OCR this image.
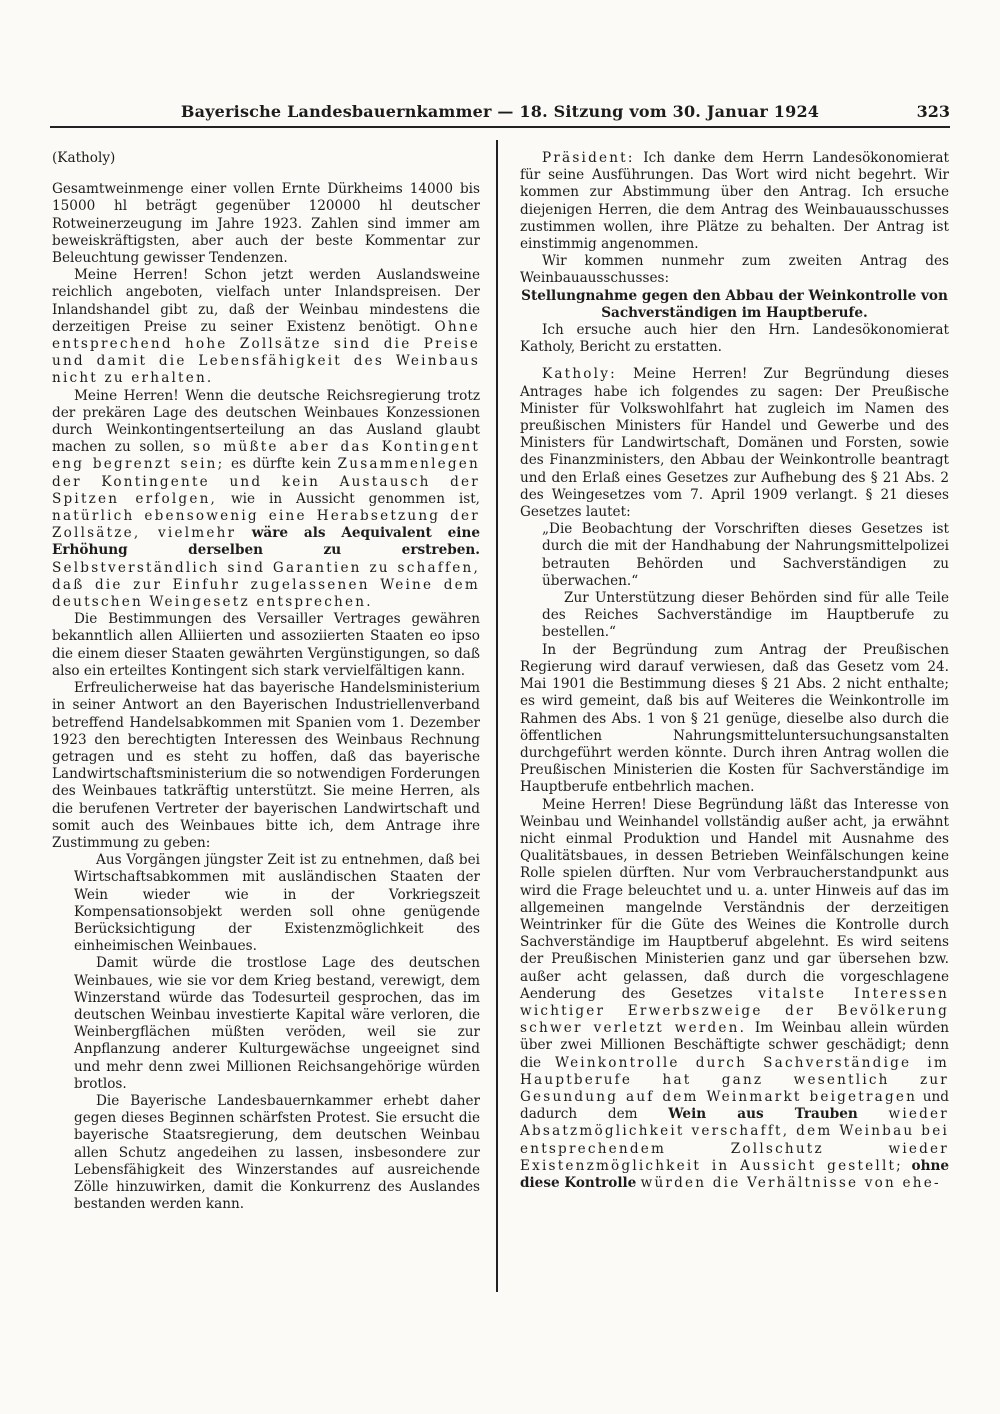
Bayerische Landesbauernkammer — 18. Sitzung vom 30. Januar 1924	323

(Katholy)

Gesamtweinmenge einer vollen Ernte Dürkheims 14000 bis 15000 hl beträgt gegenüber 120000 hl deutscher Rotweinerzeugung im Jahre 1923. Zahlen sind immer am beweiskräftigsten, aber auch der beste Kommentar zur Beleuchtung gewisser Tendenzen.

Meine Herren! Schon jetzt werden Auslandsweine reichlich angeboten, vielfach unter Inlandspreisen. Der Inlandshandel gibt zu, daß der Weinbau mindestens die derzeitigen Preise zu seiner Existenz benötigt. Ohne entsprechend hohe Zollsätze sind die Preise und damit die Lebensfähigkeit des Weinbaus nicht zu erhalten.

Meine Herren! Wenn die deutsche Reichsregierung trotz der prekären Lage des deutschen Weinbaues Konzessionen durch Weinkontingentserteilung an das Ausland glaubt machen zu sollen, so müßte aber das Kontingent eng begrenzt sein; es dürfte kein Zusammenlegen der Kontingente und kein Austausch der Spitzen erfolgen, wie in Aussicht genommen ist, natürlich ebensowenig eine Herabsetzung der Zollsätze, vielmehr wäre als Aequivalent eine Erhöhung derselben zu erstreben. Selbstverständlich sind Garantien zu schaffen, daß die zur Einfuhr zugelassenen Weine dem deutschen Weingesetz entsprechen.

Die Bestimmungen des Versailler Vertrages gewähren bekanntlich allen Alliierten und assoziierten Staaten eo ipso die einem dieser Staaten gewährten Vergünstigungen, so daß also ein erteiltes Kontingent sich stark vervielfältigen kann.

Erfreulicherweise hat das bayerische Handelsministerium in seiner Antwort an den Bayerischen Industriellenverband betreffend Handelsabkommen mit Spanien vom 1. Dezember 1923 den berechtigten Interessen des Weinbaus Rechnung getragen und es steht zu hoffen, daß das bayerische Landwirtschaftsministerium die so notwendigen Forderungen des Weinbaues tatkräftig unterstützt. Sie meine Herren, als die berufenen Vertreter der bayerischen Landwirtschaft und somit auch des Weinbaues bitte ich, dem Antrage ihre Zustimmung zu geben:

Aus Vorgängen jüngster Zeit ist zu entnehmen, daß bei Wirtschaftsabkommen mit ausländischen Staaten der Wein wieder wie in der Vorkriegszeit Kompensationsobjekt werden soll ohne genügende Berücksichtigung der Existenzmöglichkeit des einheimischen Weinbaues.

Damit würde die trostlose Lage des deutschen Weinbaues, wie sie vor dem Krieg bestand, verewigt, dem Winzerstand würde das Todesurteil gesprochen, das im deutschen Weinbau investierte Kapital wäre verloren, die Weinbergflächen müßten veröden, weil sie zur Anpflanzung anderer Kulturgewächse ungeeignet sind und mehr denn zwei Millionen Reichsangehörige würden brotlos.

Die Bayerische Landesbauernkammer erhebt daher gegen dieses Beginnen schärfsten Protest. Sie ersucht die bayerische Staatsregierung, dem deutschen Weinbau allen Schutz angedeihen zu lassen, insbesondere zur Lebensfähigkeit des Winzerstandes auf ausreichende Zölle hinzuwirken, damit die Konkurrenz des Auslandes bestanden werden kann.

Präsident: Ich danke dem Herrn Landesökonomierat für seine Ausführungen. Das Wort wird nicht begehrt. Wir kommen zur Abstimmung über den Antrag. Ich ersuche diejenigen Herren, die dem Antrag des Weinbauausschusses zustimmen wollen, ihre Plätze zu behalten. Der Antrag ist einstimmig angenommen.

Wir kommen nunmehr zum zweiten Antrag des Weinbauausschusses:

Stellungnahme gegen den Abbau der Weinkontrolle von Sachverständigen im Hauptberufe.

Ich ersuche auch hier den Hrn. Landesökonomierat Katholy, Bericht zu erstatten.

Katholy: Meine Herren! Zur Begründung dieses Antrages habe ich folgendes zu sagen: Der Preußische Minister für Volkswohlfahrt hat zugleich im Namen des preußischen Ministers für Handel und Gewerbe und des Ministers für Landwirtschaft, Domänen und Forsten, sowie des Finanzministers, den Abbau der Weinkontrolle beantragt und den Erlaß eines Gesetzes zur Aufhebung des § 21 Abs. 2 des Weingesetzes vom 7. April 1909 verlangt. § 21 dieses Gesetzes lautet:

„Die Beobachtung der Vorschriften dieses Gesetzes ist durch die mit der Handhabung der Nahrungsmittelpolizei betrauten Behörden und Sachverständigen zu überwachen.“

Zur Unterstützung dieser Behörden sind für alle Teile des Reiches Sachverständige im Hauptberufe zu bestellen.“

In der Begründung zum Antrag der Preußischen Regierung wird darauf verwiesen, daß das Gesetz vom 24. Mai 1901 die Bestimmung dieses § 21 Abs. 2 nicht enthalte; es wird gemeint, daß bis auf Weiteres die Weinkontrolle im Rahmen des Abs. 1 von § 21 genüge, dieselbe also durch die öffentlichen Nahrungsmitteluntersuchungsanstalten durchgeführt werden könnte. Durch ihren Antrag wollen die Preußischen Ministerien die Kosten für Sachverständige im Hauptberufe entbehrlich machen.

Meine Herren! Diese Begründung läßt das Interesse von Weinbau und Weinhandel vollständig außer acht, ja erwähnt nicht einmal Produktion und Handel mit Ausnahme des Qualitätsbaues, in dessen Betrieben Weinfälschungen keine Rolle spielen dürften. Nur vom Verbraucherstandpunkt aus wird die Frage beleuchtet und u. a. unter Hinweis auf das im allgemeinen mangelnde Verständnis der derzeitigen Weintrinker für die Güte des Weines die Kontrolle durch Sachverständige im Hauptberuf abgelehnt. Es wird seitens der Preußischen Ministerien ganz und gar übersehen bzw. außer acht gelassen, daß durch die vorgeschlagene Aenderung des Gesetzes vitalste Interessen wichtiger Erwerbszweige der Bevölkerung schwer verletzt werden. Im Weinbau allein würden über zwei Millionen Beschäftigte schwer geschädigt; denn die Weinkontrolle durch Sachverständige im Hauptberufe hat ganz wesentlich zur Gesundung auf dem Weinmarkt beigetragen und dadurch dem Wein aus Trauben wieder Absatzmöglichkeit verschafft, dem Weinbau bei entsprechendem Zollschutz wieder Existenzmöglichkeit in Aussicht gestellt; ohne diese Kontrolle würden die Verhältnisse von ehe-
